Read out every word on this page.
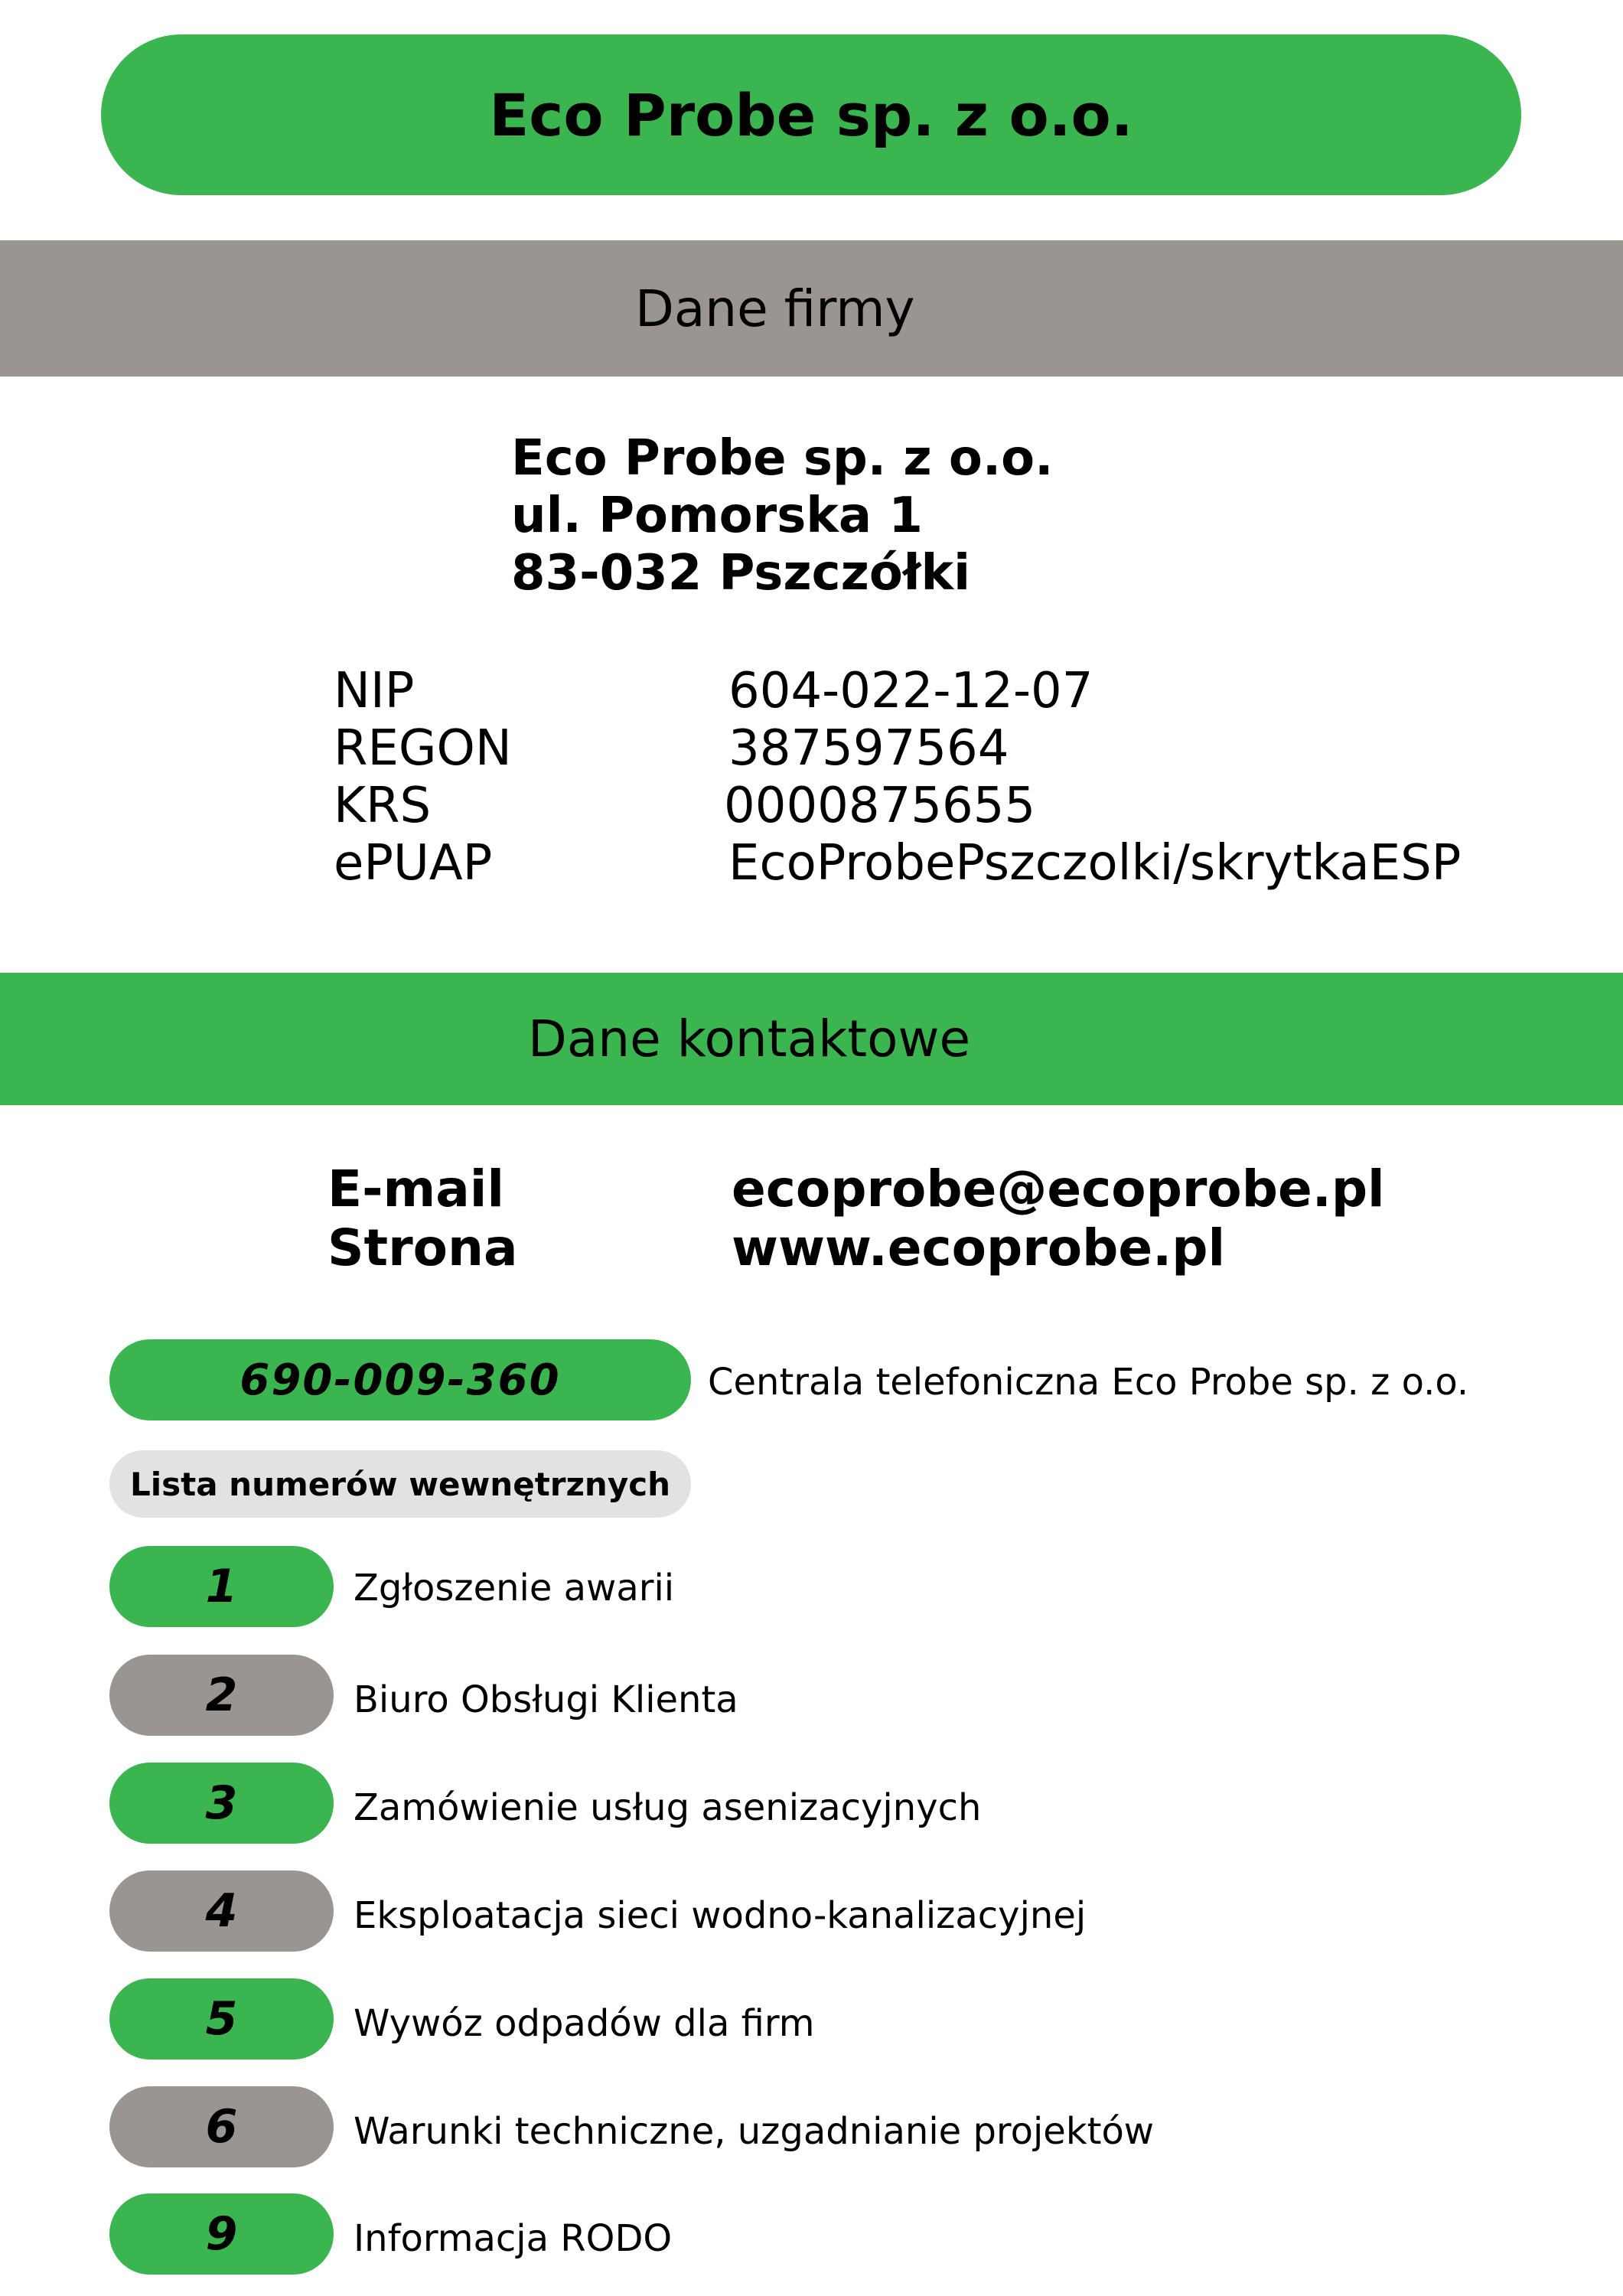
Eco Probe sp. z o.o.
Dane firmy
Eco Probe sp. z o.o.
ul. Pomorska 1
83-032 Pszczółki
NIP	604-022-12-07
REGON	387597564
KRS	0000875655
ePUAP	EcoProbePszczolki/skrytkaESP
Dane kontaktowe
E-mail	ecoprobe@ecoprobe.pl
Strona	www.ecoprobe.pl
690-009-360	Centrala telefoniczna Eco Probe sp. z o.o.
Lista numerów wewnętrznych
1	Zgłoszenie awarii
2	Biuro Obsługi Klienta
3	Zamówienie usług asenizacyjnych
4	Eksploatacja sieci wodno-kanalizacyjnej
5	Wywóz odpadów dla firm
6	Warunki techniczne, uzgadnianie projektów
9	Informacja RODO
